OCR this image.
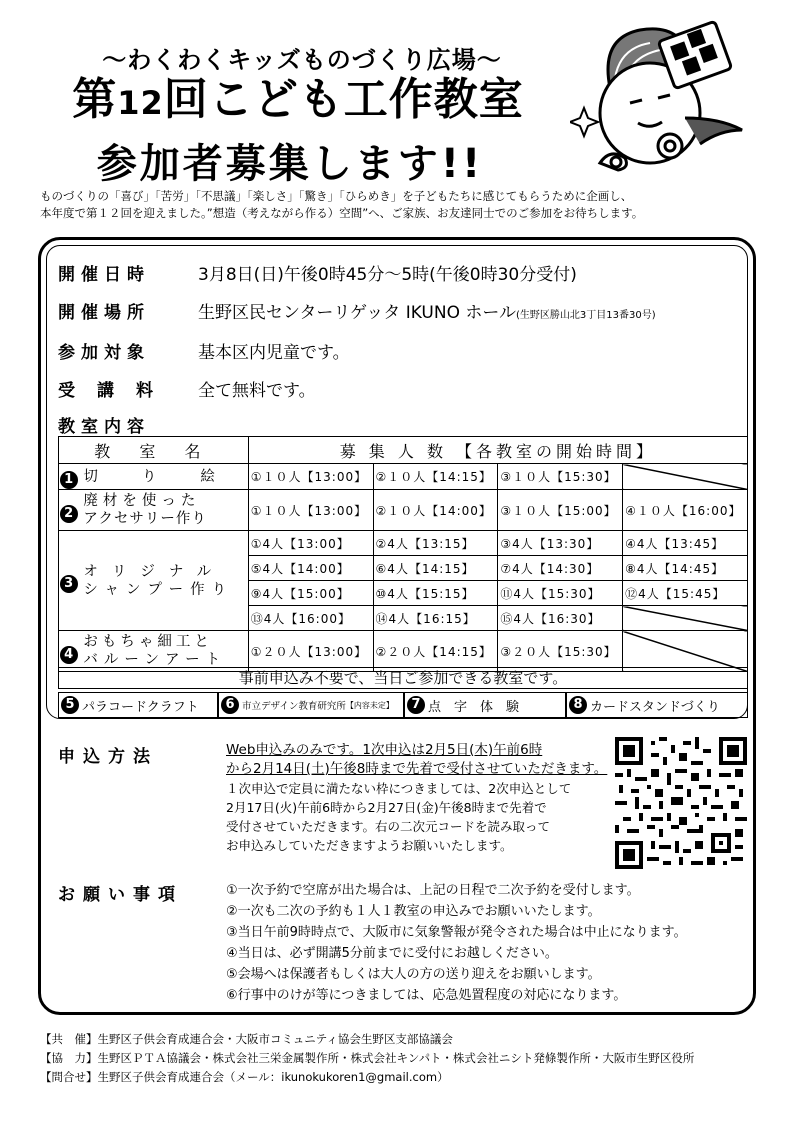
〜わくわくキッズものづくり広場〜
第12回こども工作教室
参加者募集します!!
ものづくりの「喜び」「苦労」「不思議」「楽しさ」「驚き」「ひらめき」を子どもたちに感じてもらうために企画し、
本年度で第１２回を迎えました。”想造（考えながら作る）空間”へ、ご家族、お友達同士でのご参加をお待ちします。
開催日時	3月8日(日)午後0時45分〜5時(午後0時30分受付)
開催場所	生野区民センターリゲッタ IKUNO ホール(生野区勝山北3丁目13番30号)
参加対象	基本区内児童です。
受講料 全て無料です。
教室内容
教 室 名		募 集 人 数 【各教室の開始時間】			
1	切　　り　　絵	①１０人【13:00】	②１０人【14:15】	③１０人【15:30】	
2	廃材を使った
アクセサリー作り	①１０人【13:00】	②１０人【14:00】	③１０人【15:00】	④１０人【16:00】
3	オリジナル
シャンプー作り	①4人【13:00】	②4人【13:15】	③4人【13:30】	④4人【13:45】
		⑤4人【14:00】	⑥4人【14:15】	⑦4人【14:30】	⑧4人【14:45】
		⑨4人【15:00】	⑩4人【15:15】	⑪4人【15:30】	⑫4人【15:45】
		⑬4人【16:00】	⑭4人【16:15】	⑮4人【16:30】	
4	おもちゃ細工と
バルーンアート	①２０人【13:00】	②２０人【14:15】	③２０人【15:30】	
事前申込み不要で、当日ご参加できる教室です。
5 パラコードクラフト	6 市立デザイン教育研究所 【内容未定】	7 点　字　体　験	8 カードスタンドづくり
申込方法	Web申込みのみです。1次申込は2月5日(木)午前6時
から2月14日(土)午後8時まで先着で受付させていただきます。
１次申込で定員に満たない枠につきましては、2次申込として
2月17日(火)午前6時から2月27日(金)午後8時まで先着で
受付させていただきます。右の二次元コードを読み取って
お申込みしていただきますようお願いいたします。
お願い事項	①一次予約で空席が出た場合は、上記の日程で二次予約を受付します。
②一次も二次の予約も１人１教室の申込みでお願いいたします。
③当日午前9時時点で、大阪市に気象警報が発令された場合は中止になります。
④当日は、必ず開講5分前までに受付にお越しください。
⑤会場へは保護者もしくは大人の方の送り迎えをお願いします。
⑥行事中のけが等につきましては、応急処置程度の対応になります。
【共　催】生野区子供会育成連合会・大阪市コミュニティ協会生野区支部協議会
【協　力】生野区ＰＴＡ協議会・株式会社三栄金属製作所・株式会社キンパト・株式会社ニシト発條製作所・大阪市生野区役所
【問合せ】生野区子供会育成連合会（メール：ikunokukoren1@gmail.com）
